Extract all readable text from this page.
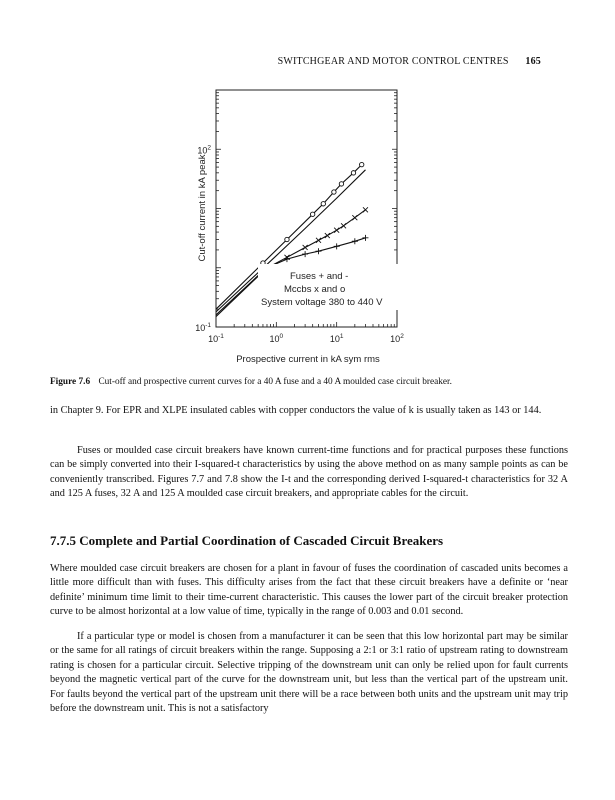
SWITCHGEAR AND MOTOR CONTROL CENTRES 165
$10^{-1}$	$10^0$	$10^1$	$10^2$
$10^{-1}$
$10^2$
Fuses + and -
Mccbs x and o
System voltage 380 to 440 V
Prospective current in kA sym rms
Cut-off current in kA peak
Figure 7.6 Cut-off and prospective current curves for a 40 A fuse and a 40 A moulded case circuit breaker.

in Chapter 9. For EPR and XLPE insulated cables with copper conductors the value of k is usually taken as 143 or 144.

Fuses or moulded case circuit breakers have known current-time functions and for practical purposes these functions can be simply converted into their I-squared-t characteristics by using the above method on as many sample points as can be conveniently transcribed. Figures 7.7 and 7.8 show the I-t and the corresponding derived I-squared-t characteristics for 32 A and 125 A fuses, 32 A and 125 A moulded case circuit breakers, and appropriate cables for the circuit.

7.7.5 Complete and Partial Coordination of Cascaded Circuit Breakers

Where moulded case circuit breakers are chosen for a plant in favour of fuses the coordination of cascaded units becomes a little more difficult than with fuses. This difficulty arises from the fact that these circuit breakers have a definite or ‘near definite’ minimum time limit to their time-current characteristic. This causes the lower part of the circuit breaker protection curve to be almost horizontal at a low value of time, typically in the range of 0.003 and 0.01 second.

If a particular type or model is chosen from a manufacturer it can be seen that this low horizontal part may be similar or the same for all ratings of circuit breakers within the range. Supposing a 2:1 or 3:1 ratio of upstream rating to downstream rating is chosen for a particular circuit. Selective tripping of the downstream unit can only be relied upon for fault currents beyond the magnetic vertical part of the curve for the downstream unit, but less than the vertical part of the upstream unit. For faults beyond the vertical part of the upstream unit there will be a race between both units and the upstream unit may trip before the downstream unit. This is not a satisfactory
